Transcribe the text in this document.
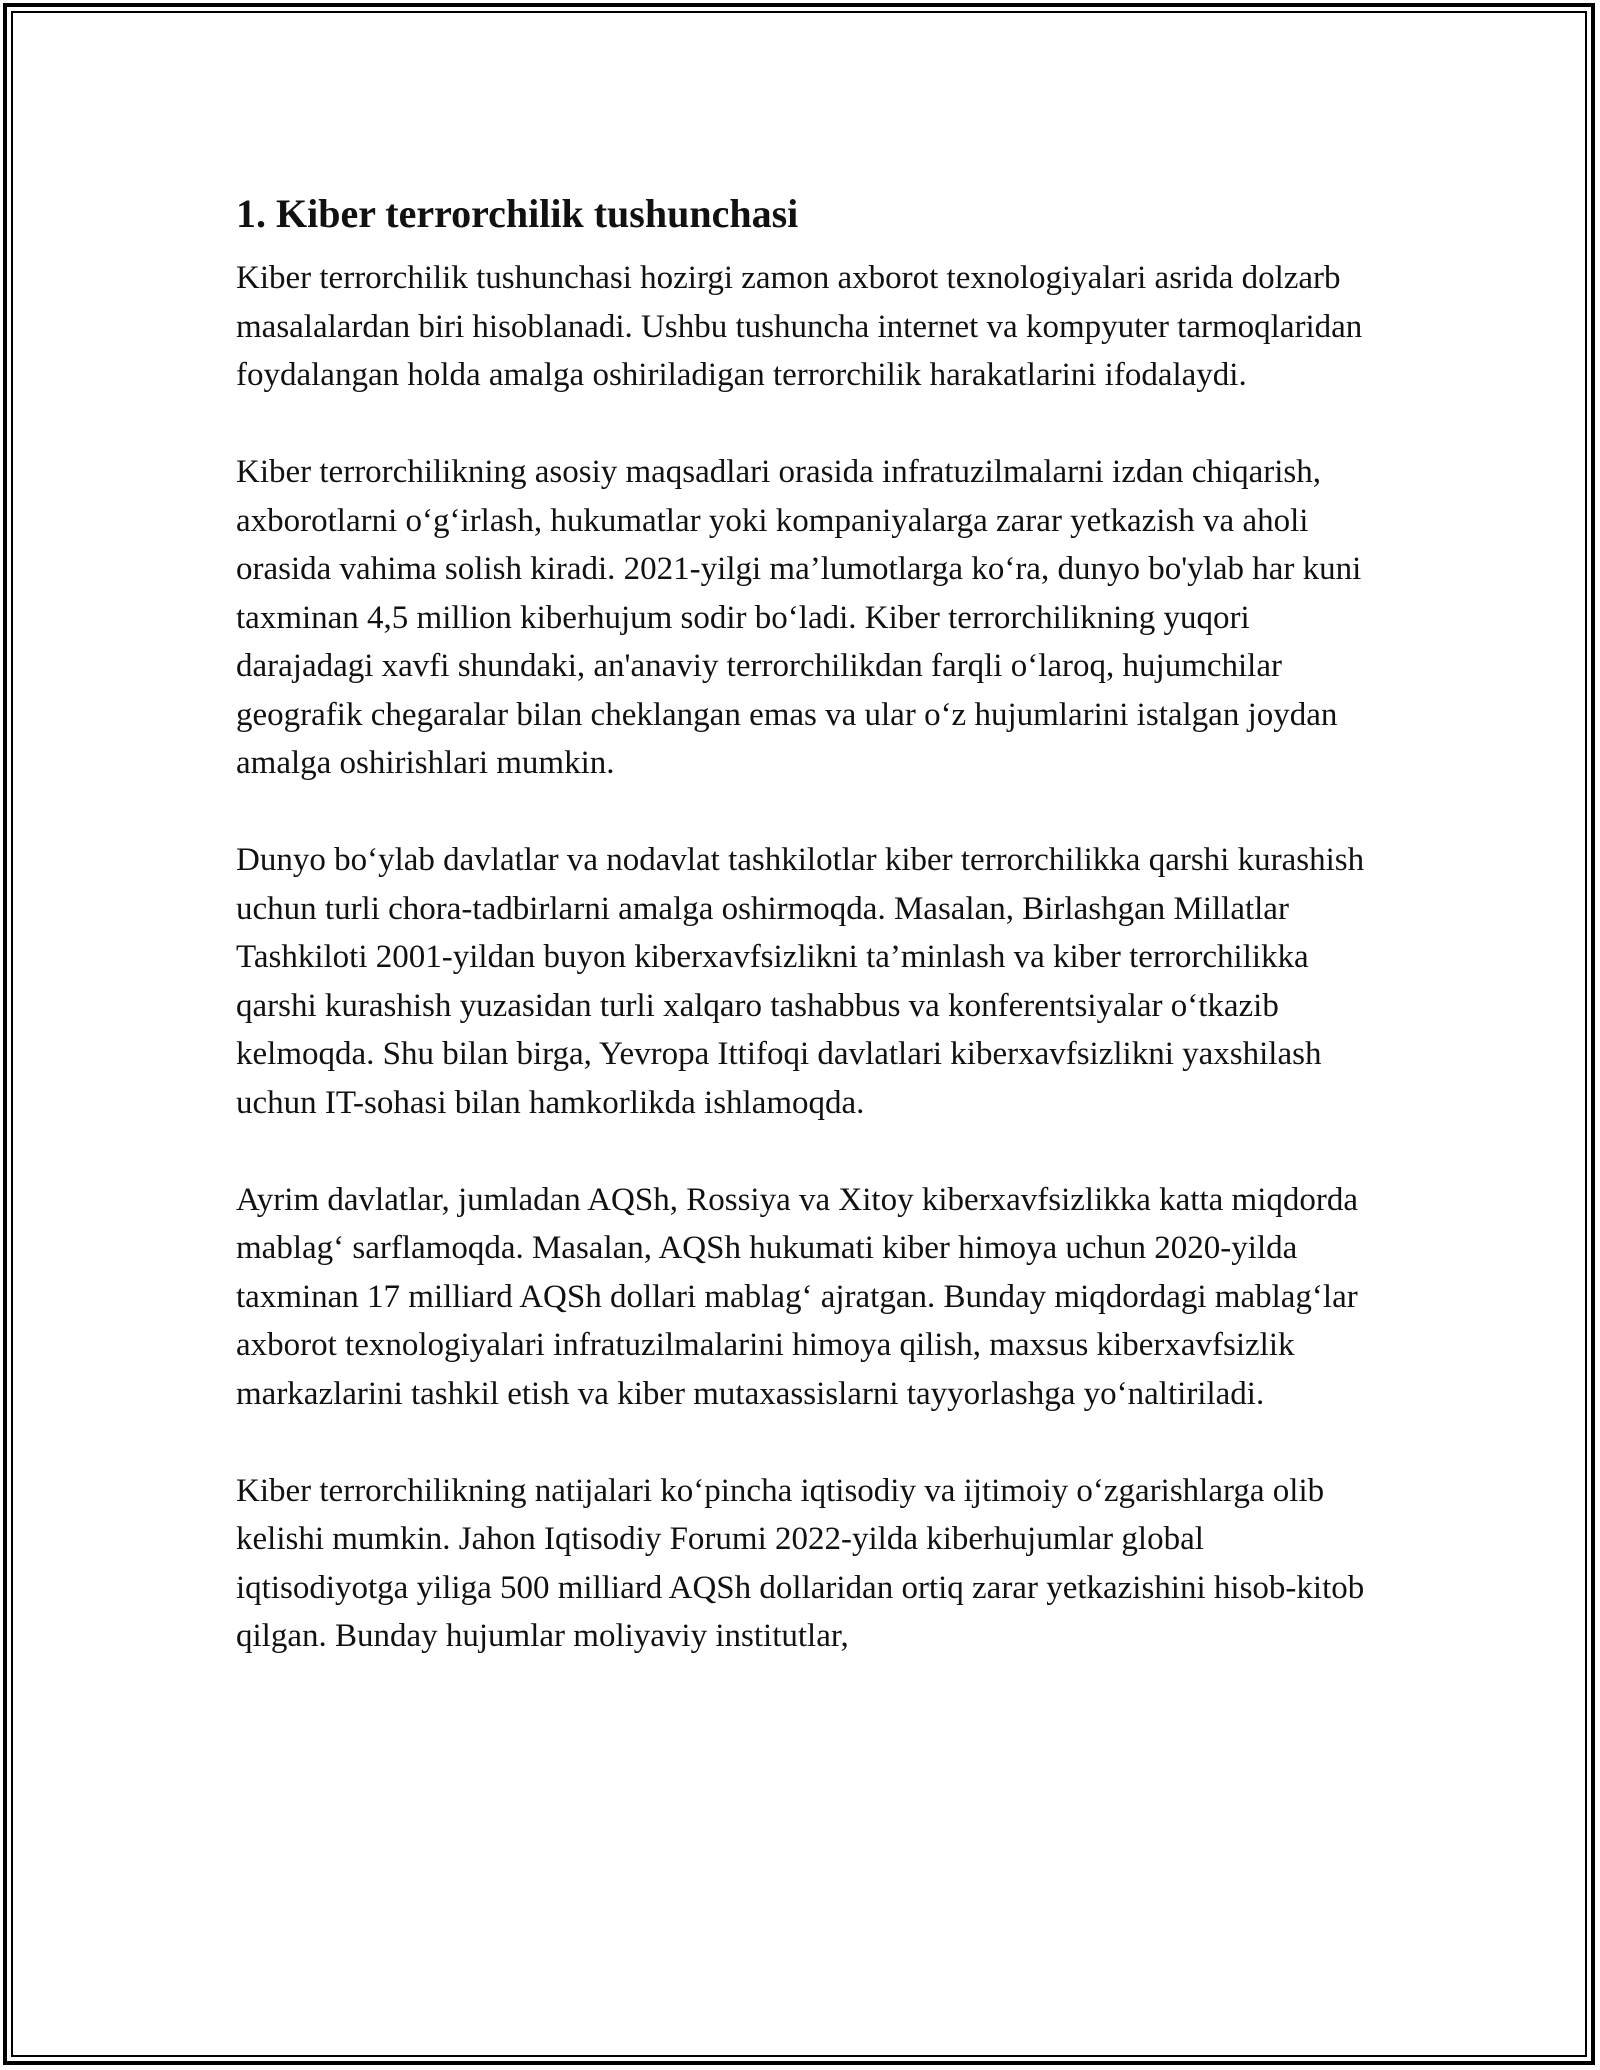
1. Kiber terrorchilik tushunchasi

Kiber terrorchilik tushunchasi hozirgi zamon axborot texnologiyalari asrida dolzarb masalalardan biri hisoblanadi. Ushbu tushuncha internet va kompyuter tarmoqlaridan foydalangan holda amalga oshiriladigan terrorchilik harakatlarini ifodalaydi.

Kiber terrorchilikning asosiy maqsadlari orasida infratuzilmalarni izdan chiqarish, axborotlarni o‘g‘irlash, hukumatlar yoki kompaniyalarga zarar yetkazish va aholi orasida vahima solish kiradi. 2021-yilgi ma’lumotlarga ko‘ra, dunyo bo'ylab har kuni taxminan 4,5 million kiberhujum sodir bo‘ladi. Kiber terrorchilikning yuqori darajadagi xavfi shundaki, an'anaviy terrorchilikdan farqli o‘laroq, hujumchilar geografik chegaralar bilan cheklangan emas va ular o‘z hujumlarini istalgan joydan amalga oshirishlari mumkin.

Dunyo bo‘ylab davlatlar va nodavlat tashkilotlar kiber terrorchilikka qarshi kurashish uchun turli chora-tadbirlarni amalga oshirmoqda. Masalan, Birlashgan Millatlar Tashkiloti 2001-yildan buyon kiberxavfsizlikni ta’minlash va kiber terrorchilikka qarshi kurashish yuzasidan turli xalqaro tashabbus va konferentsiyalar o‘tkazib kelmoqda. Shu bilan birga, Yevropa Ittifoqi davlatlari kiberxavfsizlikni yaxshilash uchun IT-sohasi bilan hamkorlikda ishlamoqda.

Ayrim davlatlar, jumladan AQSh, Rossiya va Xitoy kiberxavfsizlikka katta miqdorda mablag‘ sarflamoqda. Masalan, AQSh hukumati kiber himoya uchun 2020-yilda taxminan 17 milliard AQSh dollari mablag‘ ajratgan. Bunday miqdordagi mablag‘lar axborot texnologiyalari infratuzilmalarini himoya qilish, maxsus kiberxavfsizlik markazlarini tashkil etish va kiber mutaxassislarni tayyorlashga yo‘naltiriladi.

Kiber terrorchilikning natijalari ko‘pincha iqtisodiy va ijtimoiy o‘zgarishlarga olib kelishi mumkin. Jahon Iqtisodiy Forumi 2022-yilda kiberhujumlar global iqtisodiyotga yiliga 500 milliard AQSh dollaridan ortiq zarar yetkazishini hisob-kitob qilgan. Bunday hujumlar moliyaviy institutlar,
